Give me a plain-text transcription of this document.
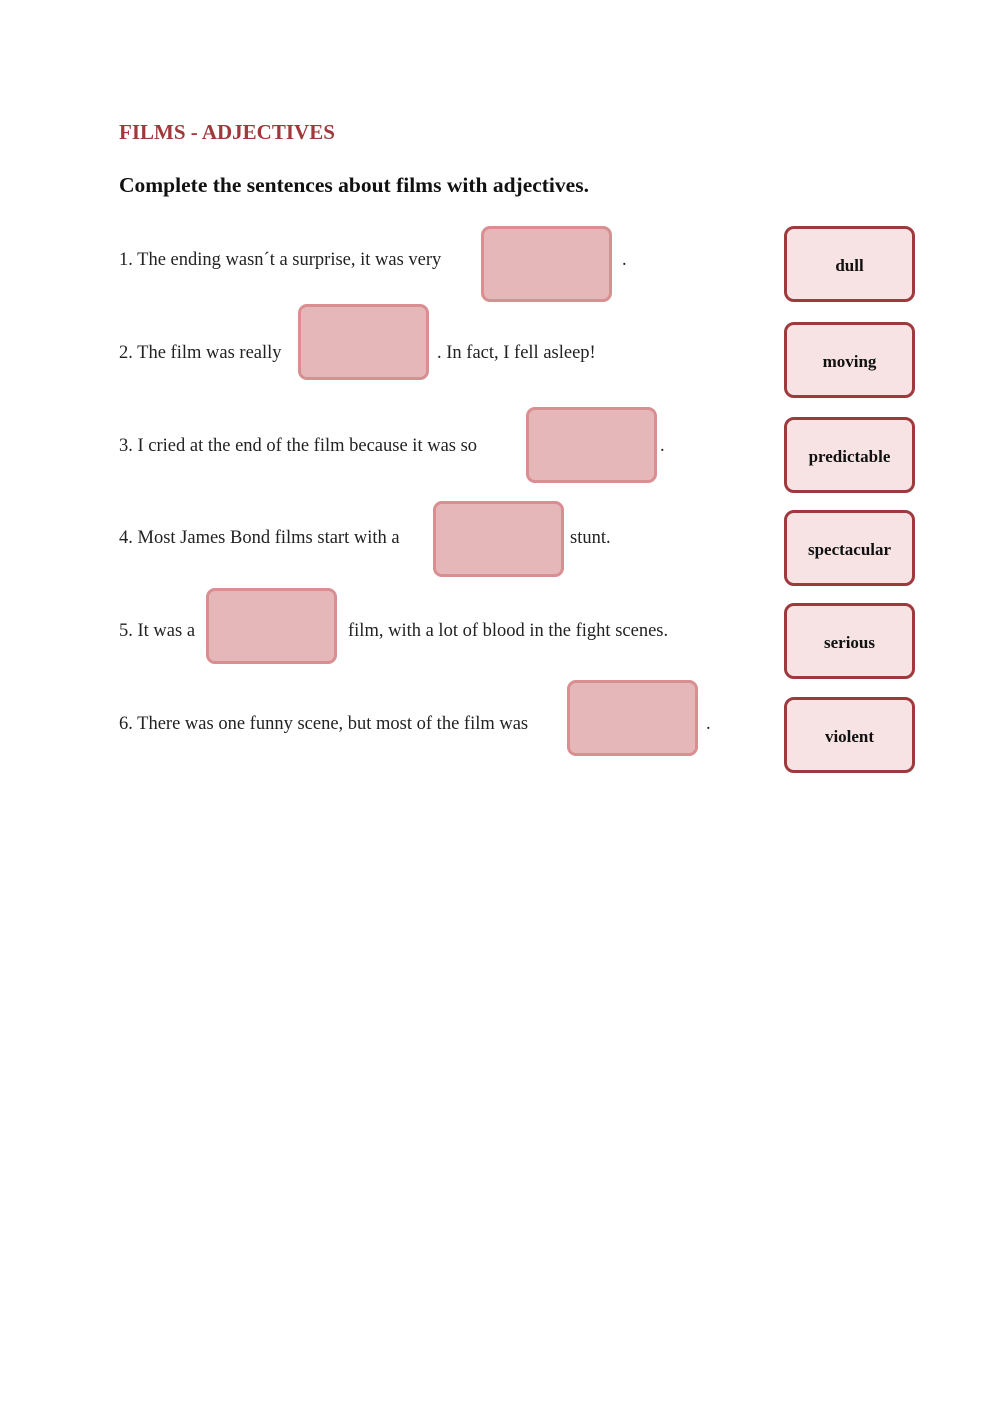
FILMS - ADJECTIVES
Complete the sentences about films with adjectives.
1. The ending wasn´t a surprise, it was very	.
2. The film was really	. In fact, I fell asleep!
3. I cried at the end of the film because it was so	.
4. Most James Bond films start with a	stunt.
5. It was a	film, with a lot of blood in the fight scenes.
6. There was one funny scene, but most of the film was	.
dull
moving
predictable
spectacular
serious
violent
